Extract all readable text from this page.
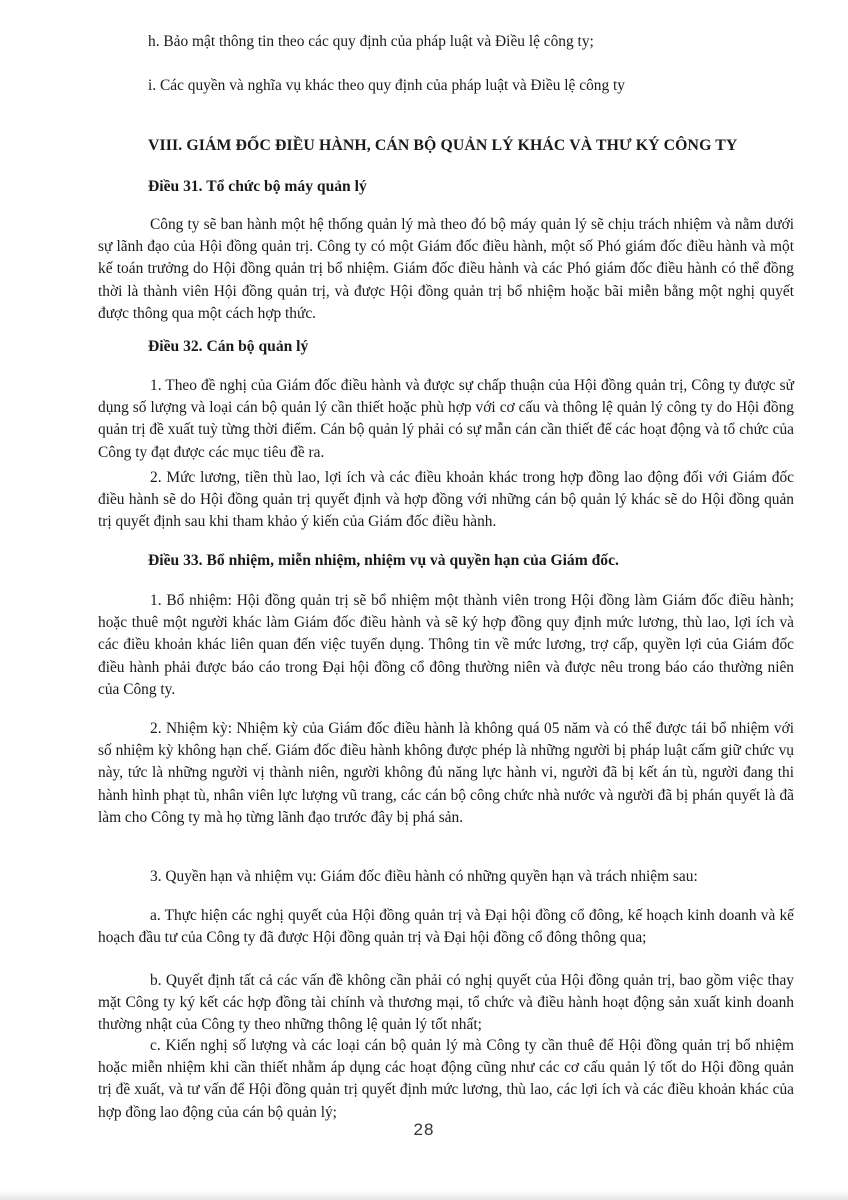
h. Bảo mật thông tin theo các quy định của pháp luật và Điều lệ công ty;
i. Các quyền và nghĩa vụ khác theo quy định của pháp luật và Điều lệ công ty
VIII. GIÁM ĐỐC ĐIỀU HÀNH, CÁN BỘ QUẢN LÝ KHÁC VÀ THƯ KÝ CÔNG TY
Điều 31. Tổ chức bộ máy quản lý
Công ty sẽ ban hành một hệ thống quản lý mà theo đó bộ máy quản lý sẽ chịu trách nhiệm và nằm dưới sự lãnh đạo của Hội đồng quản trị. Công ty có một Giám đốc điều hành, một số Phó giám đốc điều hành và một kế toán trưởng do Hội đồng quản trị bổ nhiệm. Giám đốc điều hành và các Phó giám đốc điều hành có thể đồng thời là thành viên Hội đồng quản trị, và được Hội đồng quản trị bổ nhiệm hoặc bãi miễn bằng một nghị quyết được thông qua một cách hợp thức.
Điều 32. Cán bộ quản lý
1. Theo đề nghị của Giám đốc điều hành và được sự chấp thuận của Hội đồng quản trị, Công ty được sử dụng số lượng và loại cán bộ quản lý cần thiết hoặc phù hợp với cơ cấu và thông lệ quản lý công ty do Hội đồng quản trị đề xuất tuỳ từng thời điểm. Cán bộ quản lý phải có sự mẫn cán cần thiết để các hoạt động và tổ chức của Công ty đạt được các mục tiêu đề ra.
2. Mức lương, tiền thù lao, lợi ích và các điều khoản khác trong hợp đồng lao động đối với Giám đốc điều hành sẽ do Hội đồng quản trị quyết định và hợp đồng với những cán bộ quản lý khác sẽ do Hội đồng quản trị quyết định sau khi tham khảo ý kiến của Giám đốc điều hành.
Điều 33. Bổ nhiệm, miễn nhiệm, nhiệm vụ và quyền hạn của Giám đốc.
1. Bổ nhiệm: Hội đồng quản trị sẽ bổ nhiệm một thành viên trong Hội đồng làm Giám đốc điều hành; hoặc thuê một người khác làm Giám đốc điều hành và sẽ ký hợp đồng quy định mức lương, thù lao, lợi ích và các điều khoản khác liên quan đến việc tuyển dụng. Thông tin về mức lương, trợ cấp, quyền lợi của Giám đốc điều hành phải được báo cáo trong Đại hội đồng cổ đông thường niên và được nêu trong báo cáo thường niên của Công ty.
2. Nhiệm kỳ: Nhiệm kỳ của Giám đốc điều hành là không quá 05 năm và có thể được tái bổ nhiệm với số nhiệm kỳ không hạn chế. Giám đốc điều hành không được phép là những người bị pháp luật cấm giữ chức vụ này, tức là những người vị thành niên, người không đủ năng lực hành vi, người đã bị kết án tù, người đang thi hành hình phạt tù, nhân viên lực lượng vũ trang, các cán bộ công chức nhà nước và người đã bị phán quyết là đã làm cho Công ty mà họ từng lãnh đạo trước đây bị phá sản.
3. Quyền hạn và nhiệm vụ: Giám đốc điều hành có những quyền hạn và trách nhiệm sau:
a. Thực hiện các nghị quyết của Hội đồng quản trị và Đại hội đồng cổ đông, kế hoạch kinh doanh và kế hoạch đầu tư của Công ty đã được Hội đồng quản trị và Đại hội đồng cổ đông thông qua;
b. Quyết định tất cả các vấn đề không cần phải có nghị quyết của Hội đồng quản trị, bao gồm việc thay mặt Công ty ký kết các hợp đồng tài chính và thương mại, tổ chức và điều hành hoạt động sản xuất kinh doanh thường nhật của Công ty theo những thông lệ quản lý tốt nhất;
c. Kiến nghị số lượng và các loại cán bộ quản lý mà Công ty cần thuê để Hội đồng quản trị bổ nhiệm hoặc miễn nhiệm khi cần thiết nhằm áp dụng các hoạt động cũng như các cơ cấu quản lý tốt do Hội đồng quản trị đề xuất, và tư vấn để Hội đồng quản trị quyết định mức lương, thù lao, các lợi ích và các điều khoản khác của hợp đồng lao động của cán bộ quản lý;
28
